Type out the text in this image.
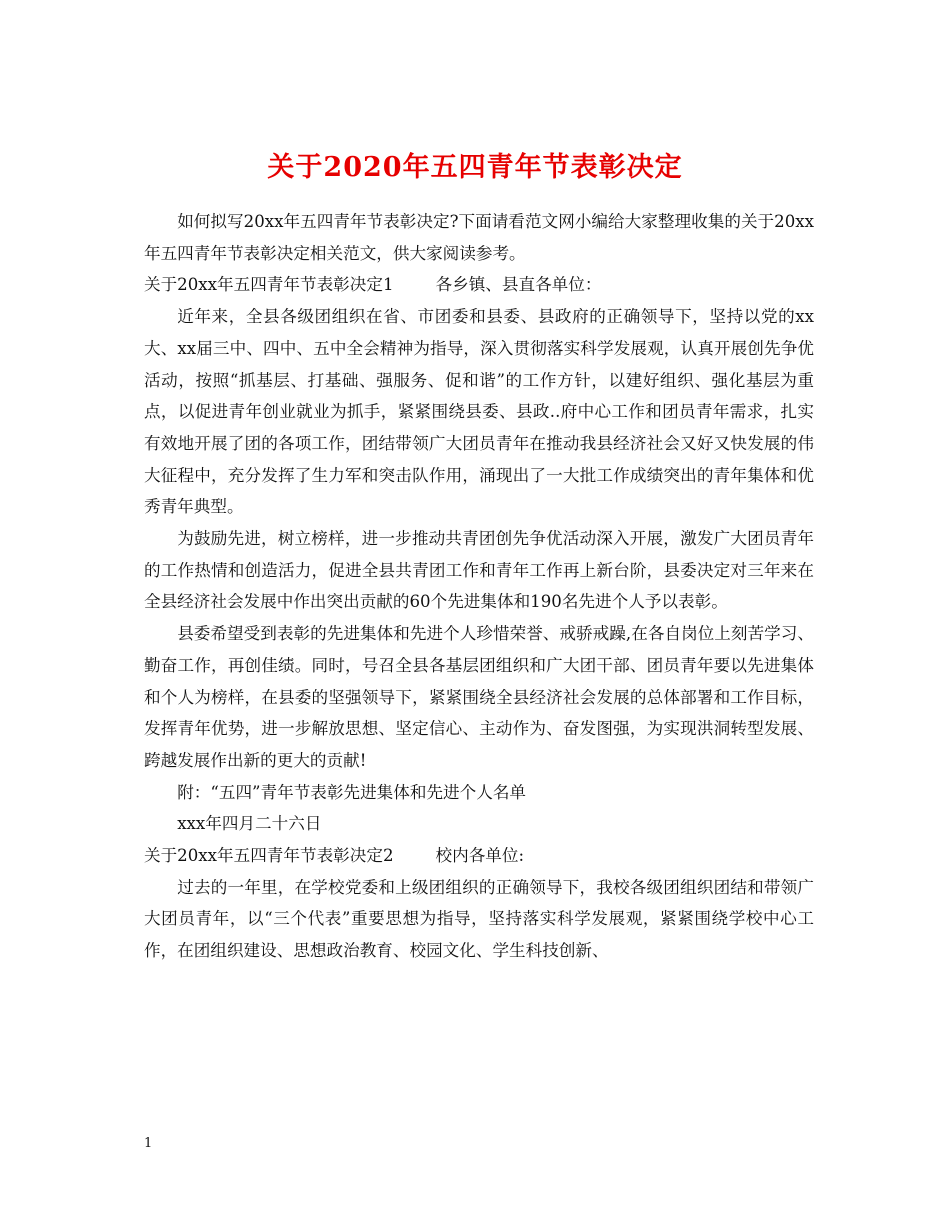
关于2020年五四青年节表彰决定

如何拟写20xx年五四青年节表彰决定?下面请看范文网小编给大家整理收集的关于20xx年五四青年节表彰决定相关范文，供大家阅读参考。

关于20xx年五四青年节表彰决定1	各乡镇、县直各单位：

近年来，全县各级团组织在省、市团委和县委、县政府的正确领导下，坚持以党的xx大、xx届三中、四中、五中全会精神为指导，深入贯彻落实科学发展观，认真开展创先争优活动，按照“抓基层、打基础、强服务、促和谐”的工作方针，以建好组织、强化基层为重点，以促进青年创业就业为抓手，紧紧围绕县委、县政..府中心工作和团员青年需求，扎实有效地开展了团的各项工作，团结带领广大团员青年在推动我县经济社会又好又快发展的伟大征程中，充分发挥了生力军和突击队作用，涌现出了一大批工作成绩突出的青年集体和优秀青年典型。

为鼓励先进，树立榜样，进一步推动共青团创先争优活动深入开展，激发广大团员青年的工作热情和创造活力，促进全县共青团工作和青年工作再上新台阶，县委决定对三年来在全县经济社会发展中作出突出贡献的60个先进集体和190名先进个人予以表彰。

县委希望受到表彰的先进集体和先进个人珍惜荣誉、戒骄戒躁,在各自岗位上刻苦学习、勤奋工作，再创佳绩。同时，号召全县各基层团组织和广大团干部、团员青年要以先进集体和个人为榜样，在县委的坚强领导下，紧紧围绕全县经济社会发展的总体部署和工作目标，发挥青年优势，进一步解放思想、坚定信心、主动作为、奋发图强，为实现洪洞转型发展、跨越发展作出新的更大的贡献!

附：“五四”青年节表彰先进集体和先进个人名单

xxx年四月二十六日

关于20xx年五四青年节表彰决定2	校内各单位:

过去的一年里，在学校党委和上级团组织的正确领导下，我校各级团组织团结和带领广大团员青年，以“三个代表”重要思想为指导，坚持落实科学发展观，紧紧围绕学校中心工作，在团组织建设、思想政治教育、校园文化、学生科技创新、

1
